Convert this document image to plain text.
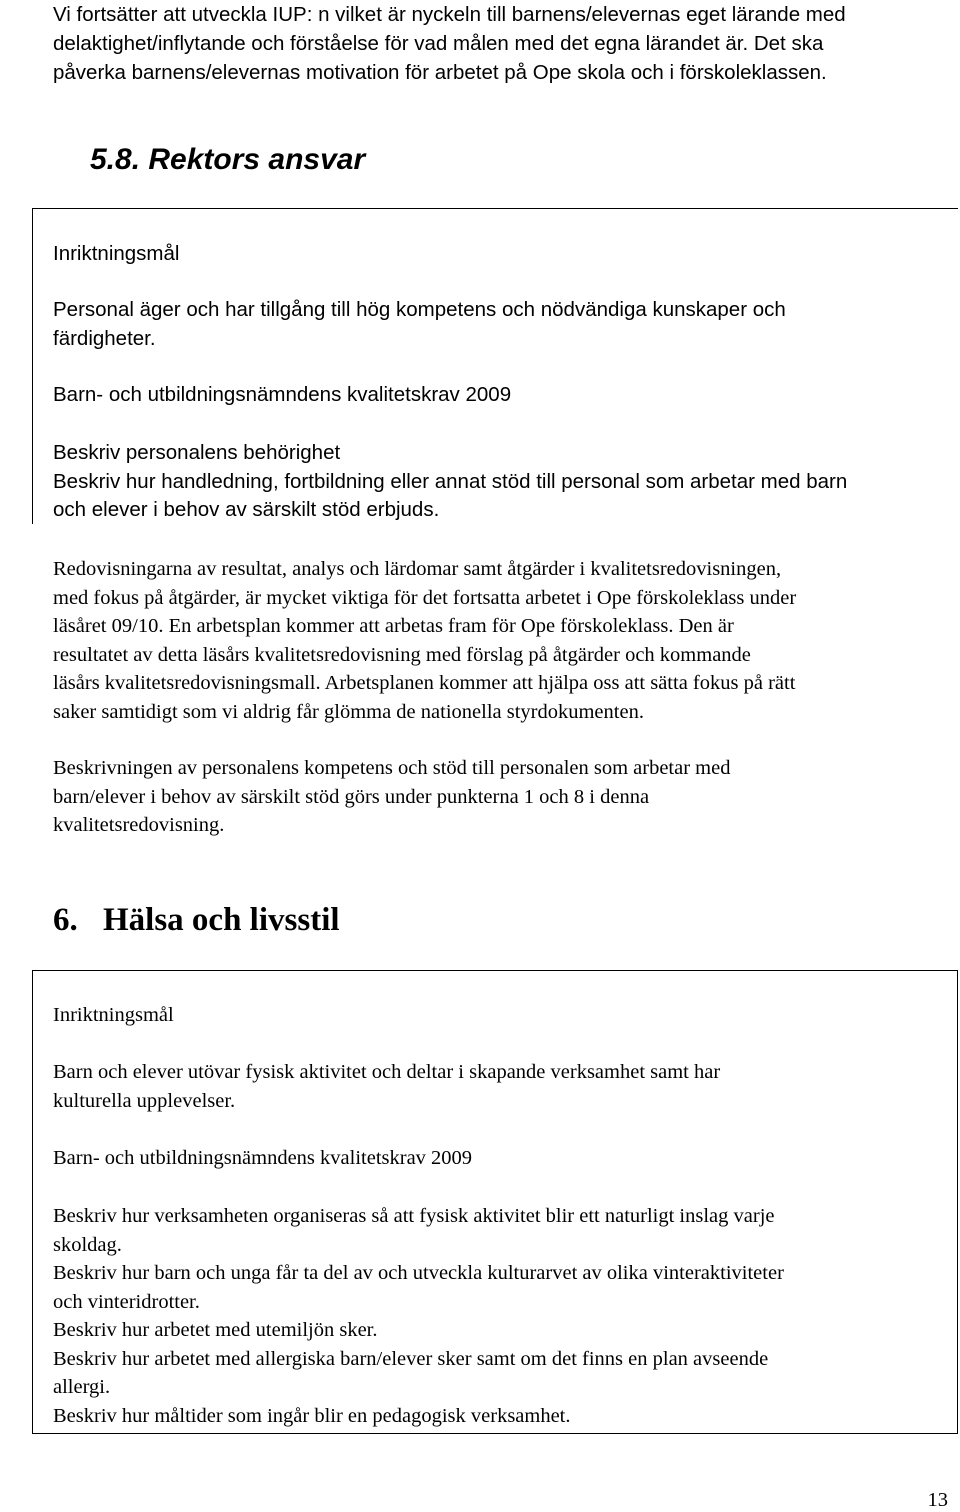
Vi fortsätter att utveckla IUP: n vilket är nyckeln till barnens/elevernas eget lärande med
delaktighet/inflytande och förståelse för vad målen med det egna lärandet är. Det ska
påverka barnens/elevernas motivation för arbetet på Ope skola och i förskoleklassen.
5.8. Rektors ansvar
Inriktningsmål
Personal äger och har tillgång till hög kompetens och nödvändiga kunskaper och
färdigheter.
Barn- och utbildningsnämndens kvalitetskrav 2009
Beskriv personalens behörighet
Beskriv hur handledning, fortbildning eller annat stöd till personal som arbetar med barn
och elever i behov av särskilt stöd erbjuds.
Redovisningarna av resultat, analys och lärdomar samt åtgärder i kvalitetsredovisningen,
med fokus på åtgärder, är mycket viktiga för det fortsatta arbetet i Ope förskoleklass under
läsåret 09/10. En arbetsplan kommer att arbetas fram för Ope förskoleklass. Den är
resultatet av detta läsårs kvalitetsredovisning med förslag på åtgärder och kommande
läsårs kvalitetsredovisningsmall. Arbetsplanen kommer att hjälpa oss att sätta fokus på rätt
saker samtidigt som vi aldrig får glömma de nationella styrdokumenten.
Beskrivningen av personalens kompetens och stöd till personalen som arbetar med
barn/elever i behov av särskilt stöd görs under punkterna 1 och 8 i denna
kvalitetsredovisning.
6. Hälsa och livsstil
Inriktningsmål
Barn och elever utövar fysisk aktivitet och deltar i skapande verksamhet samt har
kulturella upplevelser.
Barn- och utbildningsnämndens kvalitetskrav 2009
Beskriv hur verksamheten organiseras så att fysisk aktivitet blir ett naturligt inslag varje
skoldag.
Beskriv hur barn och unga får ta del av och utveckla kulturarvet av olika vinteraktiviteter
och vinteridrotter.
Beskriv hur arbetet med utemiljön sker.
Beskriv hur arbetet med allergiska barn/elever sker samt om det finns en plan avseende
allergi.
Beskriv hur måltider som ingår blir en pedagogisk verksamhet.
13
